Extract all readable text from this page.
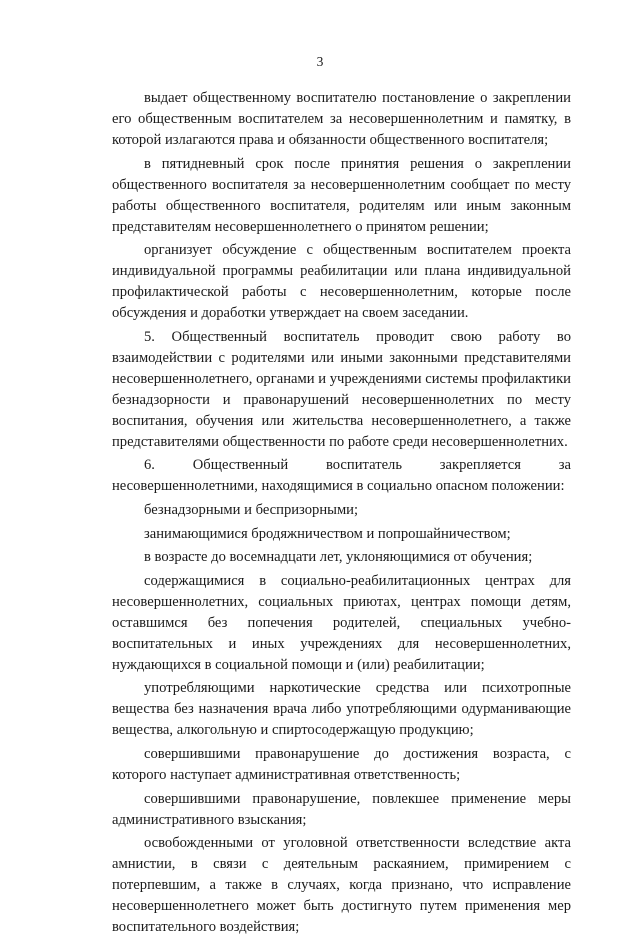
3

выдает общественному воспитателю постановление о закреплении его общественным воспитателем за несовершеннолетним и памятку, в которой излагаются права и обязанности общественного воспитателя;

в пятидневный срок после принятия решения о закреплении общественного воспитателя за несовершеннолетним сообщает по месту работы общественного воспитателя, родителям или иным законным представителям несовершеннолетнего о принятом решении;

организует обсуждение с общественным воспитателем проекта индивидуальной программы реабилитации или плана индивидуальной профилактической работы с несовершеннолетним, которые после обсуждения и доработки утверждает на своем заседании.

5. Общественный воспитатель проводит свою работу во взаимодействии с родителями или иными законными представителями несовершеннолетнего, органами и учреждениями системы профилактики безнадзорности и правонарушений несовершеннолетних по месту воспитания, обучения или жительства несовершеннолетнего, а также представителями общественности по работе среди несовершеннолетних.

6. Общественный воспитатель закрепляется за несовершеннолетними, находящимися в социально опасном положении:

безнадзорными и беспризорными;

занимающимися бродяжничеством и попрошайничеством;

в возрасте до восемнадцати лет, уклоняющимися от обучения;

содержащимися в социально-реабилитационных центрах для несовершеннолетних, социальных приютах, центрах помощи детям, оставшимся без попечения родителей, специальных учебно-воспитательных и иных учреждениях для несовершеннолетних, нуждающихся в социальной помощи и (или) реабилитации;

употребляющими наркотические средства или психотропные вещества без назначения врача либо употребляющими одурманивающие вещества, алкогольную и спиртосодержащую продукцию;

совершившими правонарушение до достижения возраста, с которого наступает административная ответственность;

совершившими правонарушение, повлекшее применение меры административного взыскания;

освобожденными от уголовной ответственности вследствие акта амнистии, в связи с деятельным раскаянием, примирением с потерпевшим, а также в случаях, когда признано, что исправление несовершеннолетнего может быть достигнуто путем применения мер воспитательного воздействия;
